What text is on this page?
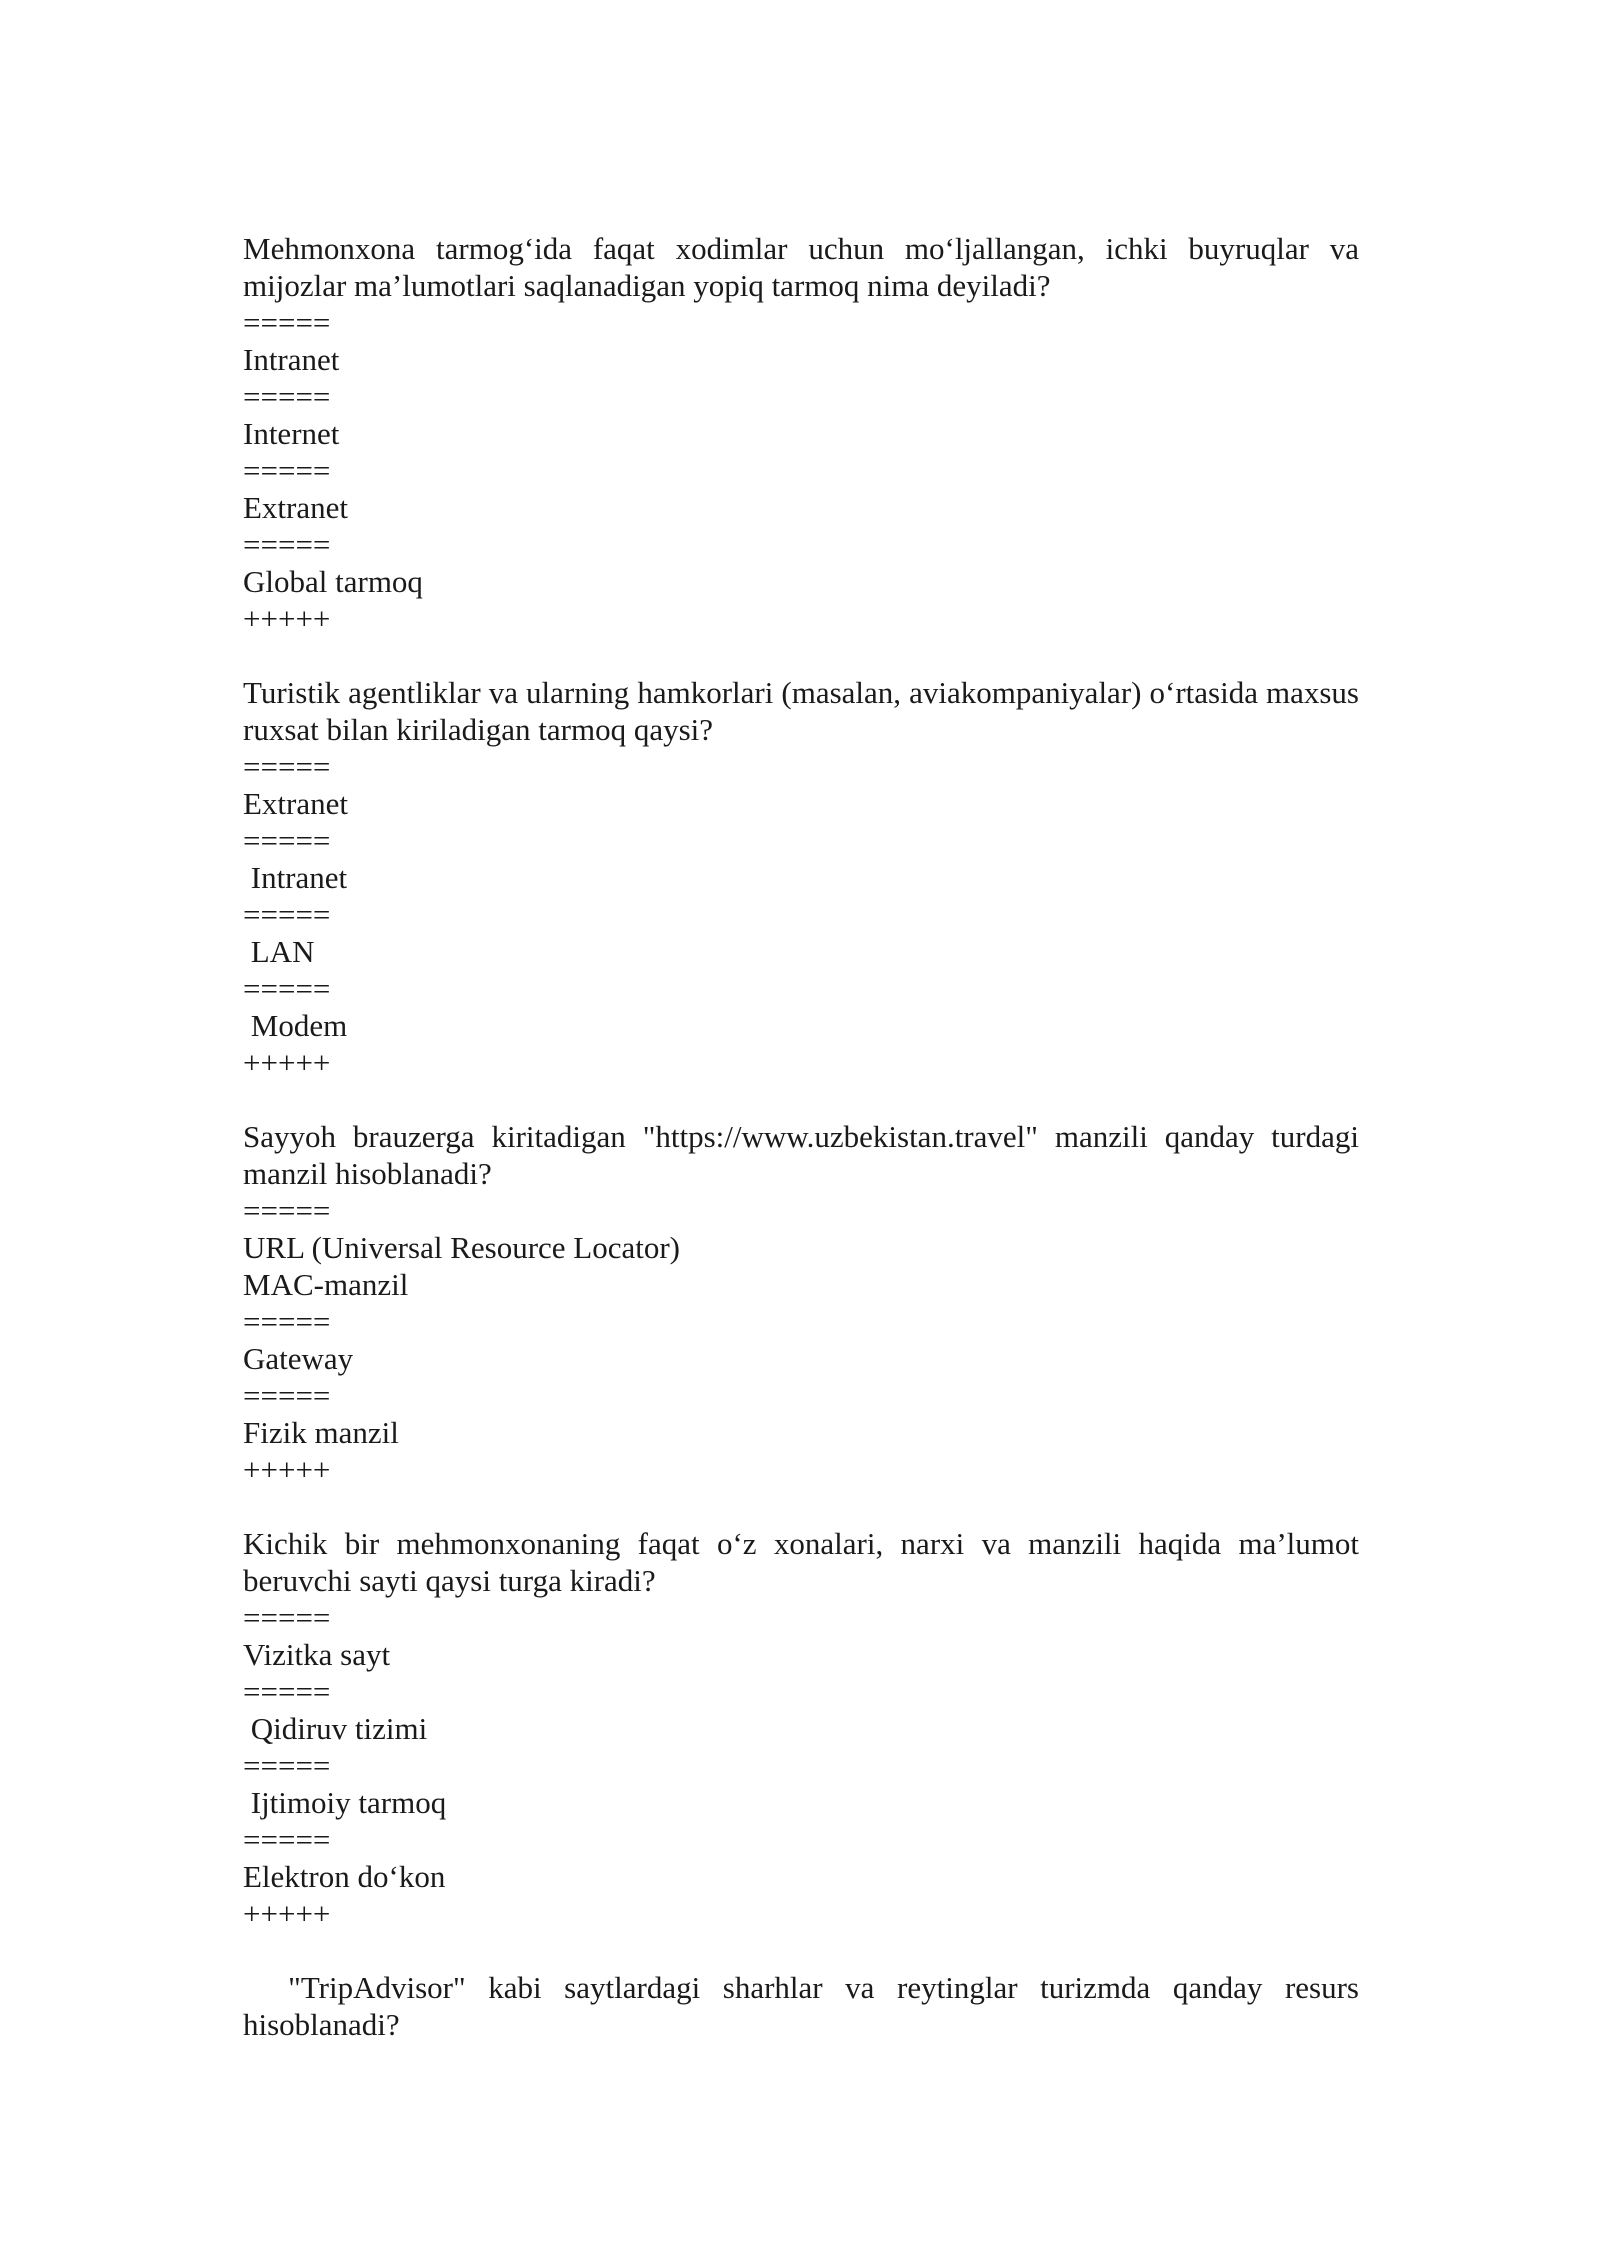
Mehmonxona tarmog‘ida faqat xodimlar uchun mo‘ljallangan, ichki buyruqlar va mijozlar ma’lumotlari saqlanadigan yopiq tarmoq nima deyiladi?

=====

Intranet

=====

Internet

=====

Extranet

=====

Global tarmoq

+++++

Turistik agentliklar va ularning hamkorlari (masalan, aviakompaniyalar) o‘rtasida maxsus ruxsat bilan kiriladigan tarmoq qaysi?

=====

Extranet

=====

Intranet

=====

LAN

=====

Modem

+++++

Sayyoh brauzerga kiritadigan "https://www.uzbekistan.travel" manzili qanday turdagi manzil hisoblanadi?

=====

URL (Universal Resource Locator)

MAC-manzil

=====

Gateway

=====

Fizik manzil

+++++

Kichik bir mehmonxonaning faqat o‘z xonalari, narxi va manzili haqida ma’lumot beruvchi sayti qaysi turga kiradi?

=====

Vizitka sayt

=====

Qidiruv tizimi

=====

Ijtimoiy tarmoq

=====

Elektron do‘kon

+++++

"TripAdvisor" kabi saytlardagi sharhlar va reytinglar turizmda qanday resurs hisoblanadi?
